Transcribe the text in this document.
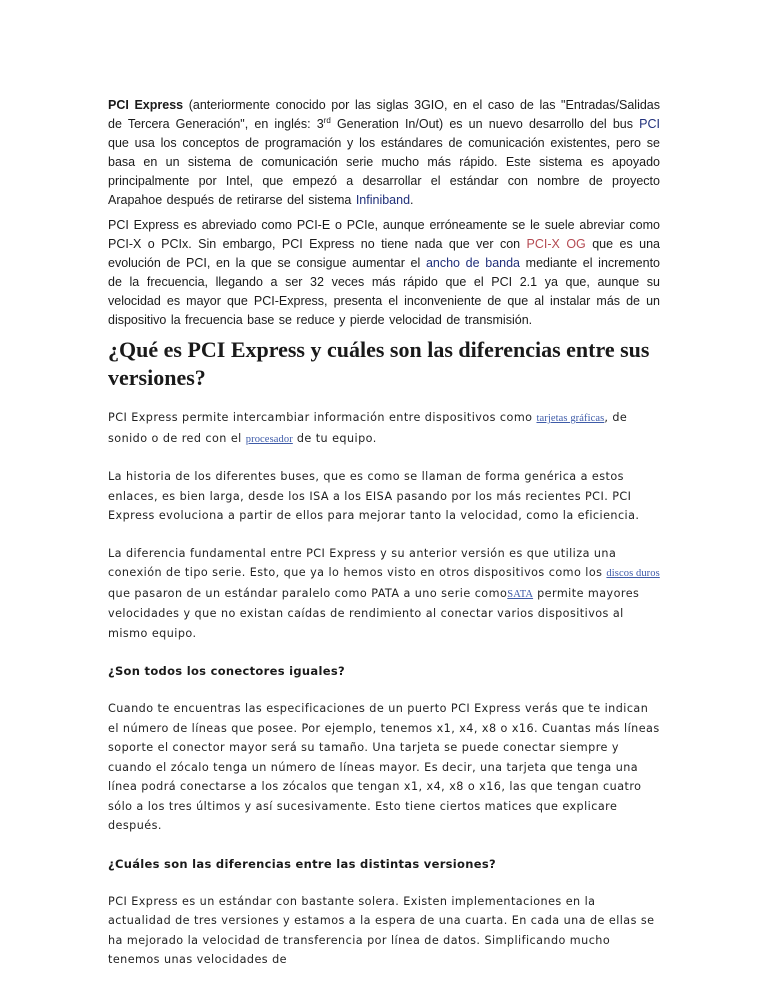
PCI Express (anteriormente conocido por las siglas 3GIO, en el caso de las "Entradas/Salidas de Tercera Generación", en inglés: 3rd Generation In/Out) es un nuevo desarrollo del bus PCI que usa los conceptos de programación y los estándares de comunicación existentes, pero se basa en un sistema de comunicación serie mucho más rápido. Este sistema es apoyado principalmente por Intel, que empezó a desarrollar el estándar con nombre de proyecto Arapahoe después de retirarse del sistema Infiniband.

PCI Express es abreviado como PCI-E o PCIe, aunque erróneamente se le suele abreviar como PCI-X o PCIx. Sin embargo, PCI Express no tiene nada que ver con PCI-X OG que es una evolución de PCI, en la que se consigue aumentar el ancho de banda mediante el incremento de la frecuencia, llegando a ser 32 veces más rápido que el PCI 2.1 ya que, aunque su velocidad es mayor que PCI-Express, presenta el inconveniente de que al instalar más de un dispositivo la frecuencia base se reduce y pierde velocidad de transmisión.

¿Qué es PCI Express y cuáles son las diferencias entre sus versiones?

PCI Express permite intercambiar información entre dispositivos como tarjetas gráficas, de sonido o de red con el procesador de tu equipo.

La historia de los diferentes buses, que es como se llaman de forma genérica a estos enlaces, es bien larga, desde los ISA a los EISA pasando por los más recientes PCI. PCI Express evoluciona a partir de ellos para mejorar tanto la velocidad, como la eficiencia.

La diferencia fundamental entre PCI Express y su anterior versión es que utiliza una conexión de tipo serie. Esto, que ya lo hemos visto en otros dispositivos como los discos duros que pasaron de un estándar paralelo como PATA a uno serie comoSATA permite mayores velocidades y que no existan caídas de rendimiento al conectar varios dispositivos al mismo equipo.

¿Son todos los conectores iguales?

Cuando te encuentras las especificaciones de un puerto PCI Express verás que te indican el número de líneas que posee. Por ejemplo, tenemos x1, x4, x8 o x16. Cuantas más líneas soporte el conector mayor será su tamaño. Una tarjeta se puede conectar siempre y cuando el zócalo tenga un número de líneas mayor. Es decir, una tarjeta que tenga una línea podrá conectarse a los zócalos que tengan x1, x4, x8 o x16, las que tengan cuatro sólo a los tres últimos y así sucesivamente. Esto tiene ciertos matices que explicare después.

¿Cuáles son las diferencias entre las distintas versiones?

PCI Express es un estándar con bastante solera. Existen implementaciones en la actualidad de tres versiones y estamos a la espera de una cuarta. En cada una de ellas se ha mejorado la velocidad de transferencia por línea de datos. Simplificando mucho tenemos unas velocidades de
